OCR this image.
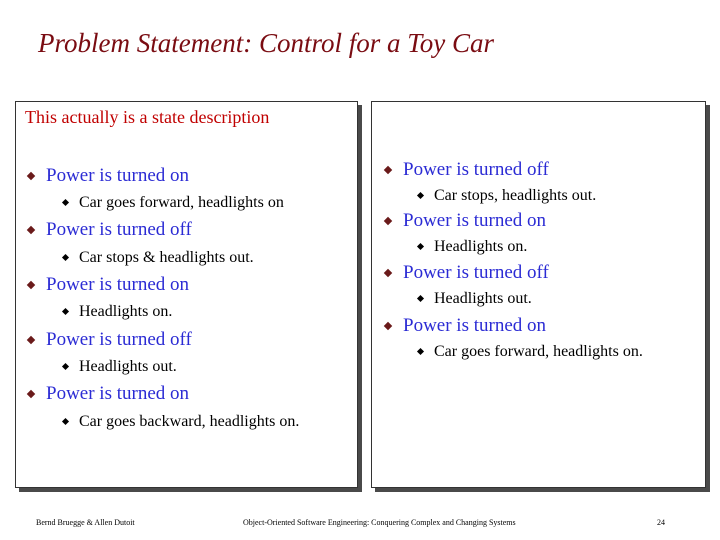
Problem Statement: Control for a Toy Car
This actually is a state description
Power is turned on
Car goes forward, headlights on
Power is turned off
Car stops & headlights out.
Power is turned on
Headlights on.
Power is turned off
Headlights out.
Power is turned on
Car goes backward, headlights on.
Power is turned off
Car stops, headlights out.
Power is turned on
Headlights on.
Power is turned off
Headlights out.
Power is turned on
Car goes forward, headlights on.
Bernd Bruegge & Allen Dutoit	Object-Oriented Software Engineering: Conquering Complex and Changing Systems	24
